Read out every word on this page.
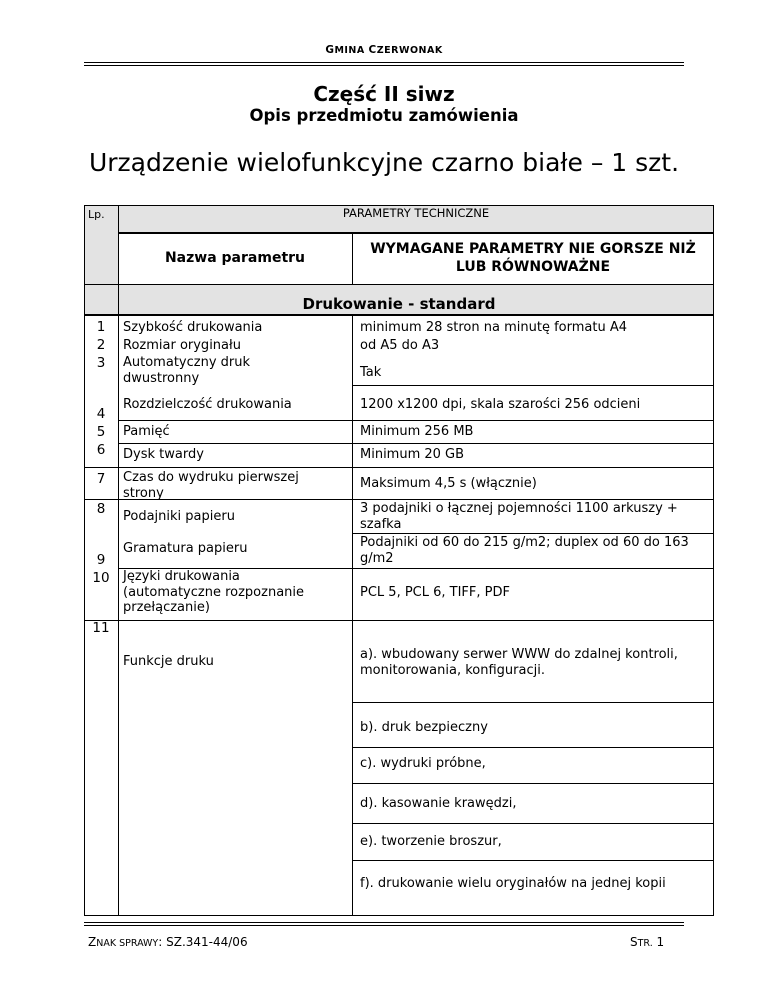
GMINA CZERWONAK
Część II siwz
Opis przedmiotu zamówienia
Urządzenie wielofunkcyjne czarno białe – 1 szt.
Lp.	PARAMETRY TECHNICZNE
Nazwa parametru
WYMAGANE PARAMETRY NIE GORSZE NIŻ LUB RÓWNOWAŻNE
Drukowanie - standard
1
2
3
4
5
6
7
8
9
10
11
Szybkość drukowania
Rozmiar oryginału
Automatyczny druk dwustronny
Rozdzielczość drukowania
Pamięć
Dysk twardy
Czas do wydruku pierwszej strony
Podajniki papieru
Gramatura papieru
Języki drukowania (automatyczne rozpoznanie przełączanie)
Funkcje druku
minimum 28 stron na minutę formatu A4
od A5 do A3
Tak
1200 x1200 dpi, skala szarości 256 odcieni
Minimum 256 MB
Minimum 20 GB
Maksimum 4,5 s (włącznie)
3 podajniki o łącznej pojemności 1100 arkuszy + szafka
Podajniki od 60 do 215 g/m2; duplex od 60 do 163 g/m2
PCL 5, PCL 6, TIFF, PDF
a). wbudowany serwer WWW do zdalnej kontroli, monitorowania, konfiguracji.
b). druk bezpieczny
c). wydruki próbne,
d). kasowanie krawędzi,
e). tworzenie broszur,
f). drukowanie wielu oryginałów na jednej kopii
ZNAK SPRAWY: SZ.341-44/06	STR. 1
